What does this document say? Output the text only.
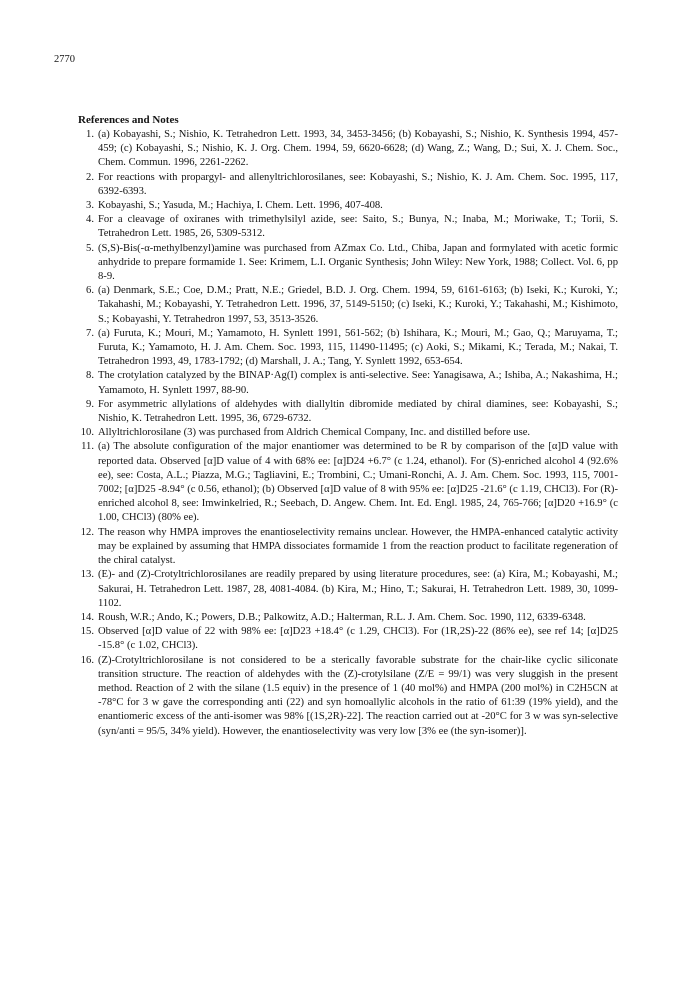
2770
References and Notes
1. (a) Kobayashi, S.; Nishio, K. Tetrahedron Lett. 1993, 34, 3453-3456; (b) Kobayashi, S.; Nishio, K. Synthesis 1994, 457-459; (c) Kobayashi, S.; Nishio, K. J. Org. Chem. 1994, 59, 6620-6628; (d) Wang, Z.; Wang, D.; Sui, X. J. Chem. Soc., Chem. Commun. 1996, 2261-2262.
2. For reactions with propargyl- and allenyltrichlorosilanes, see: Kobayashi, S.; Nishio, K. J. Am. Chem. Soc. 1995, 117, 6392-6393.
3. Kobayashi, S.; Yasuda, M.; Hachiya, I. Chem. Lett. 1996, 407-408.
4. For a cleavage of oxiranes with trimethylsilyl azide, see: Saito, S.; Bunya, N.; Inaba, M.; Moriwake, T.; Torii, S. Tetrahedron Lett. 1985, 26, 5309-5312.
5. (S,S)-Bis(-α-methylbenzyl)amine was purchased from AZmax Co. Ltd., Chiba, Japan and formylated with acetic formic anhydride to prepare formamide 1. See: Krimem, L.I. Organic Synthesis; John Wiley: New York, 1988; Collect. Vol. 6, pp 8-9.
6. (a) Denmark, S.E.; Coe, D.M.; Pratt, N.E.; Griedel, B.D. J. Org. Chem. 1994, 59, 6161-6163; (b) Iseki, K.; Kuroki, Y.; Takahashi, M.; Kobayashi, Y. Tetrahedron Lett. 1996, 37, 5149-5150; (c) Iseki, K.; Kuroki, Y.; Takahashi, M.; Kishimoto, S.; Kobayashi, Y. Tetrahedron 1997, 53, 3513-3526.
7. (a) Furuta, K.; Mouri, M.; Yamamoto, H. Synlett 1991, 561-562; (b) Ishihara, K.; Mouri, M.; Gao, Q.; Maruyama, T.; Furuta, K.; Yamamoto, H. J. Am. Chem. Soc. 1993, 115, 11490-11495; (c) Aoki, S.; Mikami, K.; Terada, M.; Nakai, T. Tetrahedron 1993, 49, 1783-1792; (d) Marshall, J. A.; Tang, Y. Synlett 1992, 653-654.
8. The crotylation catalyzed by the BINAP·Ag(I) complex is anti-selective. See: Yanagisawa, A.; Ishiba, A.; Nakashima, H.; Yamamoto, H. Synlett 1997, 88-90.
9. For asymmetric allylations of aldehydes with diallyltin dibromide mediated by chiral diamines, see: Kobayashi, S.; Nishio, K. Tetrahedron Lett. 1995, 36, 6729-6732.
10. Allyltrichlorosilane (3) was purchased from Aldrich Chemical Company, Inc. and distilled before use.
11. (a) The absolute configuration of the major enantiomer was determined to be R by comparison of the [α]D value with reported data. Observed [α]D value of 4 with 68% ee: [α]D24 +6.7° (c 1.24, ethanol). For (S)-enriched alcohol 4 (92.6% ee), see: Costa, A.L.; Piazza, M.G.; Tagliavini, E.; Trombini, C.; Umani-Ronchi, A. J. Am. Chem. Soc. 1993, 115, 7001-7002; [α]D25 -8.94° (c 0.56, ethanol); (b) Observed [α]D value of 8 with 95% ee: [α]D25 -21.6° (c 1.19, CHCl3). For (R)-enriched alcohol 8, see: Imwinkelried, R.; Seebach, D. Angew. Chem. Int. Ed. Engl. 1985, 24, 765-766; [α]D20 +16.9° (c 1.00, CHCl3) (80% ee).
12. The reason why HMPA improves the enantioselectivity remains unclear. However, the HMPA-enhanced catalytic activity may be explained by assuming that HMPA dissociates formamide 1 from the reaction product to facilitate regeneration of the chiral catalyst.
13. (E)- and (Z)-Crotyltrichlorosilanes are readily prepared by using literature procedures, see: (a) Kira, M.; Kobayashi, M.; Sakurai, H. Tetrahedron Lett. 1987, 28, 4081-4084. (b) Kira, M.; Hino, T.; Sakurai, H. Tetrahedron Lett. 1989, 30, 1099-1102.
14. Roush, W.R.; Ando, K.; Powers, D.B.; Palkowitz, A.D.; Halterman, R.L. J. Am. Chem. Soc. 1990, 112, 6339-6348.
15. Observed [α]D value of 22 with 98% ee: [α]D23 +18.4° (c 1.29, CHCl3). For (1R,2S)-22 (86% ee), see ref 14; [α]D25 -15.8° (c 1.02, CHCl3).
16. (Z)-Crotyltrichlorosilane is not considered to be a sterically favorable substrate for the chair-like cyclic siliconate transition structure. The reaction of aldehydes with the (Z)-crotylsilane (Z/E = 99/1) was very sluggish in the present method. Reaction of 2 with the silane (1.5 equiv) in the presence of 1 (40 mol%) and HMPA (200 mol%) in C2H5CN at -78°C for 3 w gave the corresponding anti (22) and syn homoallylic alcohols in the ratio of 61:39 (19% yield), and the enantiomeric excess of the anti-isomer was 98% [(1S,2R)-22]. The reaction carried out at -20°C for 3 w was syn-selective (syn/anti = 95/5, 34% yield). However, the enantioselectivity was very low [3% ee (the syn-isomer)].
